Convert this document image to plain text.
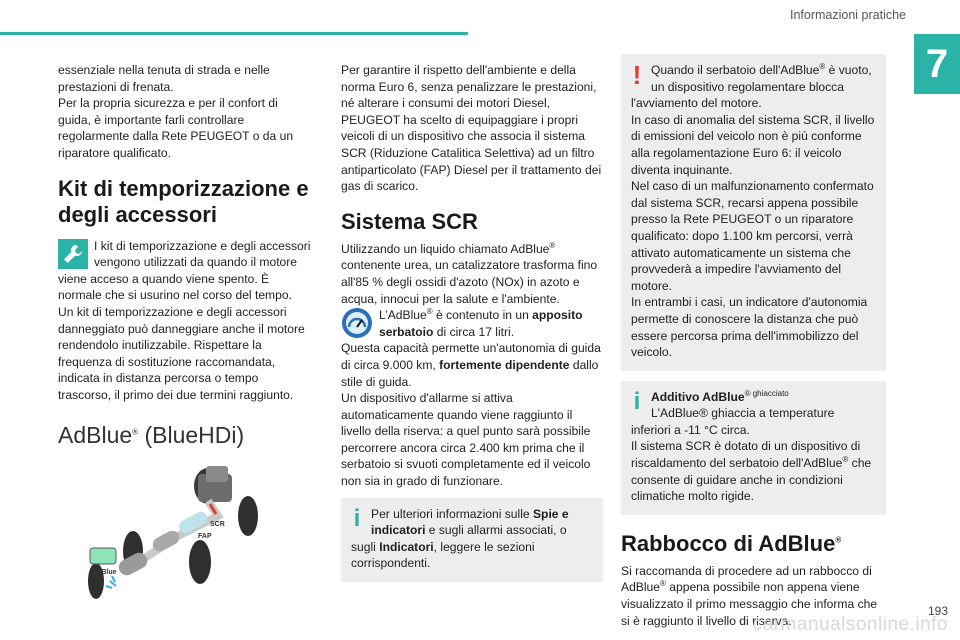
Informazioni pratiche
7

essenziale nella tenuta di strada e nelle prestazioni di frenata.

Per la propria sicurezza e per il confort di guida, è importante farli controllare regolarmente dalla Rete PEUGEOT o da un riparatore qualificato.

Kit di temporizzazione e degli accessori

I kit di temporizzazione e degli accessori vengono utilizzati da quando il motore viene acceso a quando viene spento. È normale che si usurino nel corso del tempo.

Un kit di temporizzazione e degli accessori danneggiato può danneggiare anche il motore rendendolo inutilizzabile. Rispettare la frequenza di sostituzione raccomandata, indicata in distanza percorsa o tempo trascorso, il primo dei due termini raggiunto.

AdBlue® (BlueHDi)
SCR
FAP
AdBlue

Per garantire il rispetto dell'ambiente e della norma Euro 6, senza penalizzare le prestazioni, né alterare i consumi dei motori Diesel, PEUGEOT ha scelto di equipaggiare i propri veicoli di un dispositivo che associa il sistema SCR (Riduzione Catalitica Selettiva) ad un filtro antiparticolato (FAP) Diesel per il trattamento dei gas di scarico.

Sistema SCR

Utilizzando un liquido chiamato AdBlue® contenente urea, un catalizzatore trasforma fino all'85 % degli ossidi d'azoto (NOx) in azoto e acqua, innocui per la salute e l'ambiente.

L’AdBlue® è contenuto in un apposito serbatoio di circa 17 litri.

Questa capacità permette un'autonomia di guida di circa 9.000 km, fortemente dipendente dallo stile di guida.

Un dispositivo d'allarme si attiva automaticamente quando viene raggiunto il livello della riserva: a quel punto sarà possibile percorrere ancora circa 2.400 km prima che il serbatoio si svuoti completamente ed il veicolo non sia in grado di funzionare.

i Per ulteriori informazioni sulle Spie e indicatori e sugli allarmi associati, o sugli Indicatori, leggere le sezioni corrispondenti.

! Quando il serbatoio dell'AdBlue® è vuoto, un dispositivo regolamentare blocca l'avviamento del motore.

In caso di anomalia del sistema SCR, il livello di emissioni del veicolo non è più conforme alla regolamentazione Euro 6: il veicolo diventa inquinante.

Nel caso di un malfunzionamento confermato dal sistema SCR, recarsi appena possibile presso la Rete PEUGEOT o un riparatore qualificato: dopo 1.100 km percorsi, verrà attivato automaticamente un sistema che provvederà a impedire l'avviamento del motore.

In entrambi i casi, un indicatore d'autonomia permette di conoscere la distanza che può essere percorsa prima dell'immobilizzo del veicolo.

i Additivo AdBlue$^{® ghiacciato}$

L'AdBlue® ghiaccia a temperature inferiori a -11 °C circa.

Il sistema SCR è dotato di un dispositivo di riscaldamento del serbatoio dell'AdBlue® che consente di guidare anche in condizioni climatiche molto rigide.

Rabbocco di AdBlue®

Si raccomanda di procedere ad un rabbocco di AdBlue® appena possibile non appena viene visualizzato il primo messaggio che informa che si è raggiunto il livello di riserva.

carmanualsonline.info
193
